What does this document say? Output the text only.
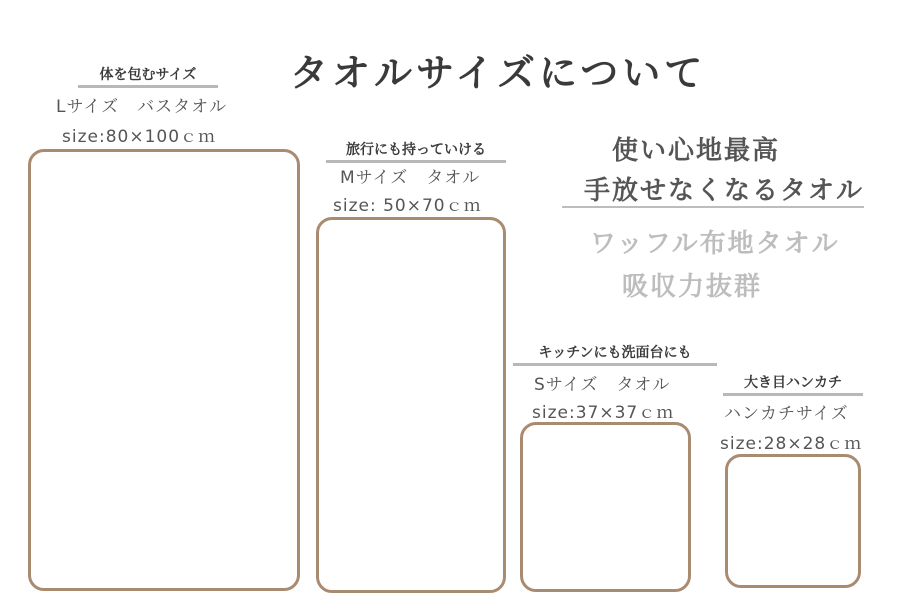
タオルサイズについて
体を包むサイズ
Lサイズ　バスタオル
size:80×100ｃｍ
旅行にも持っていける
Mサイズ　タオル
size: 50×70ｃｍ
使い心地最高
手放せなくなるタオル
ワッフル布地タオル
吸収力抜群
キッチンにも洗面台にも
Sサイズ　タオル
size:37×37ｃｍ
大き目ハンカチ
ハンカチサイズ
size:28×28ｃｍ
